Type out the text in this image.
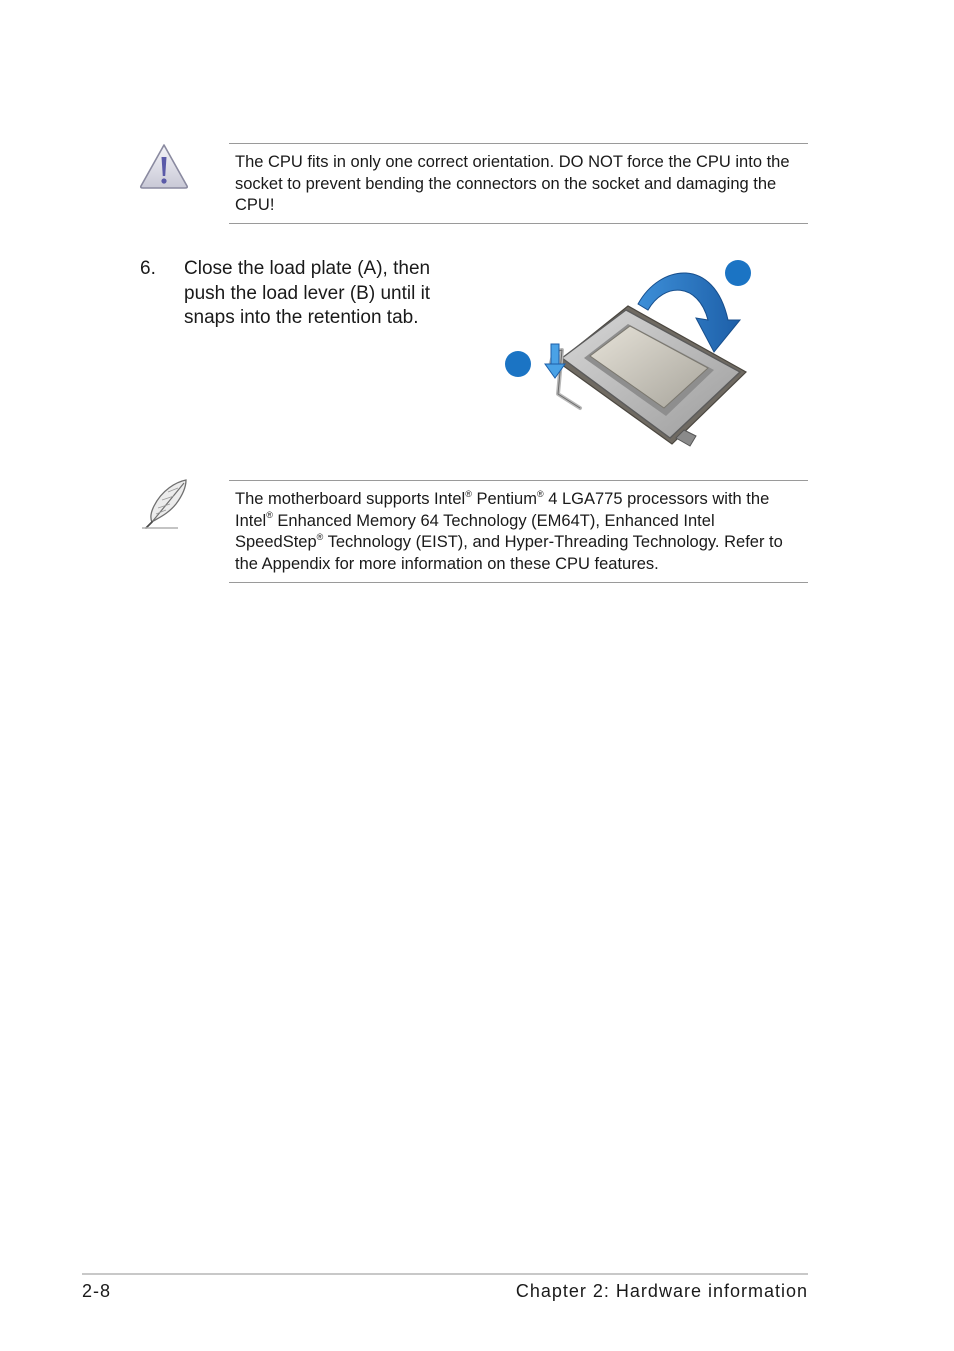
The CPU fits in only one correct orientation. DO NOT force the CPU into the socket to prevent bending the connectors on the socket and damaging the CPU!

6.	Close the load plate (A), then push the load lever (B) until it snaps into the retention tab.

The motherboard supports Intel® Pentium® 4 LGA775 processors with the Intel® Enhanced Memory 64 Technology (EM64T), Enhanced Intel SpeedStep® Technology (EIST), and Hyper-Threading Technology. Refer to the Appendix for more information on these CPU features.

2-8	Chapter 2: Hardware information
